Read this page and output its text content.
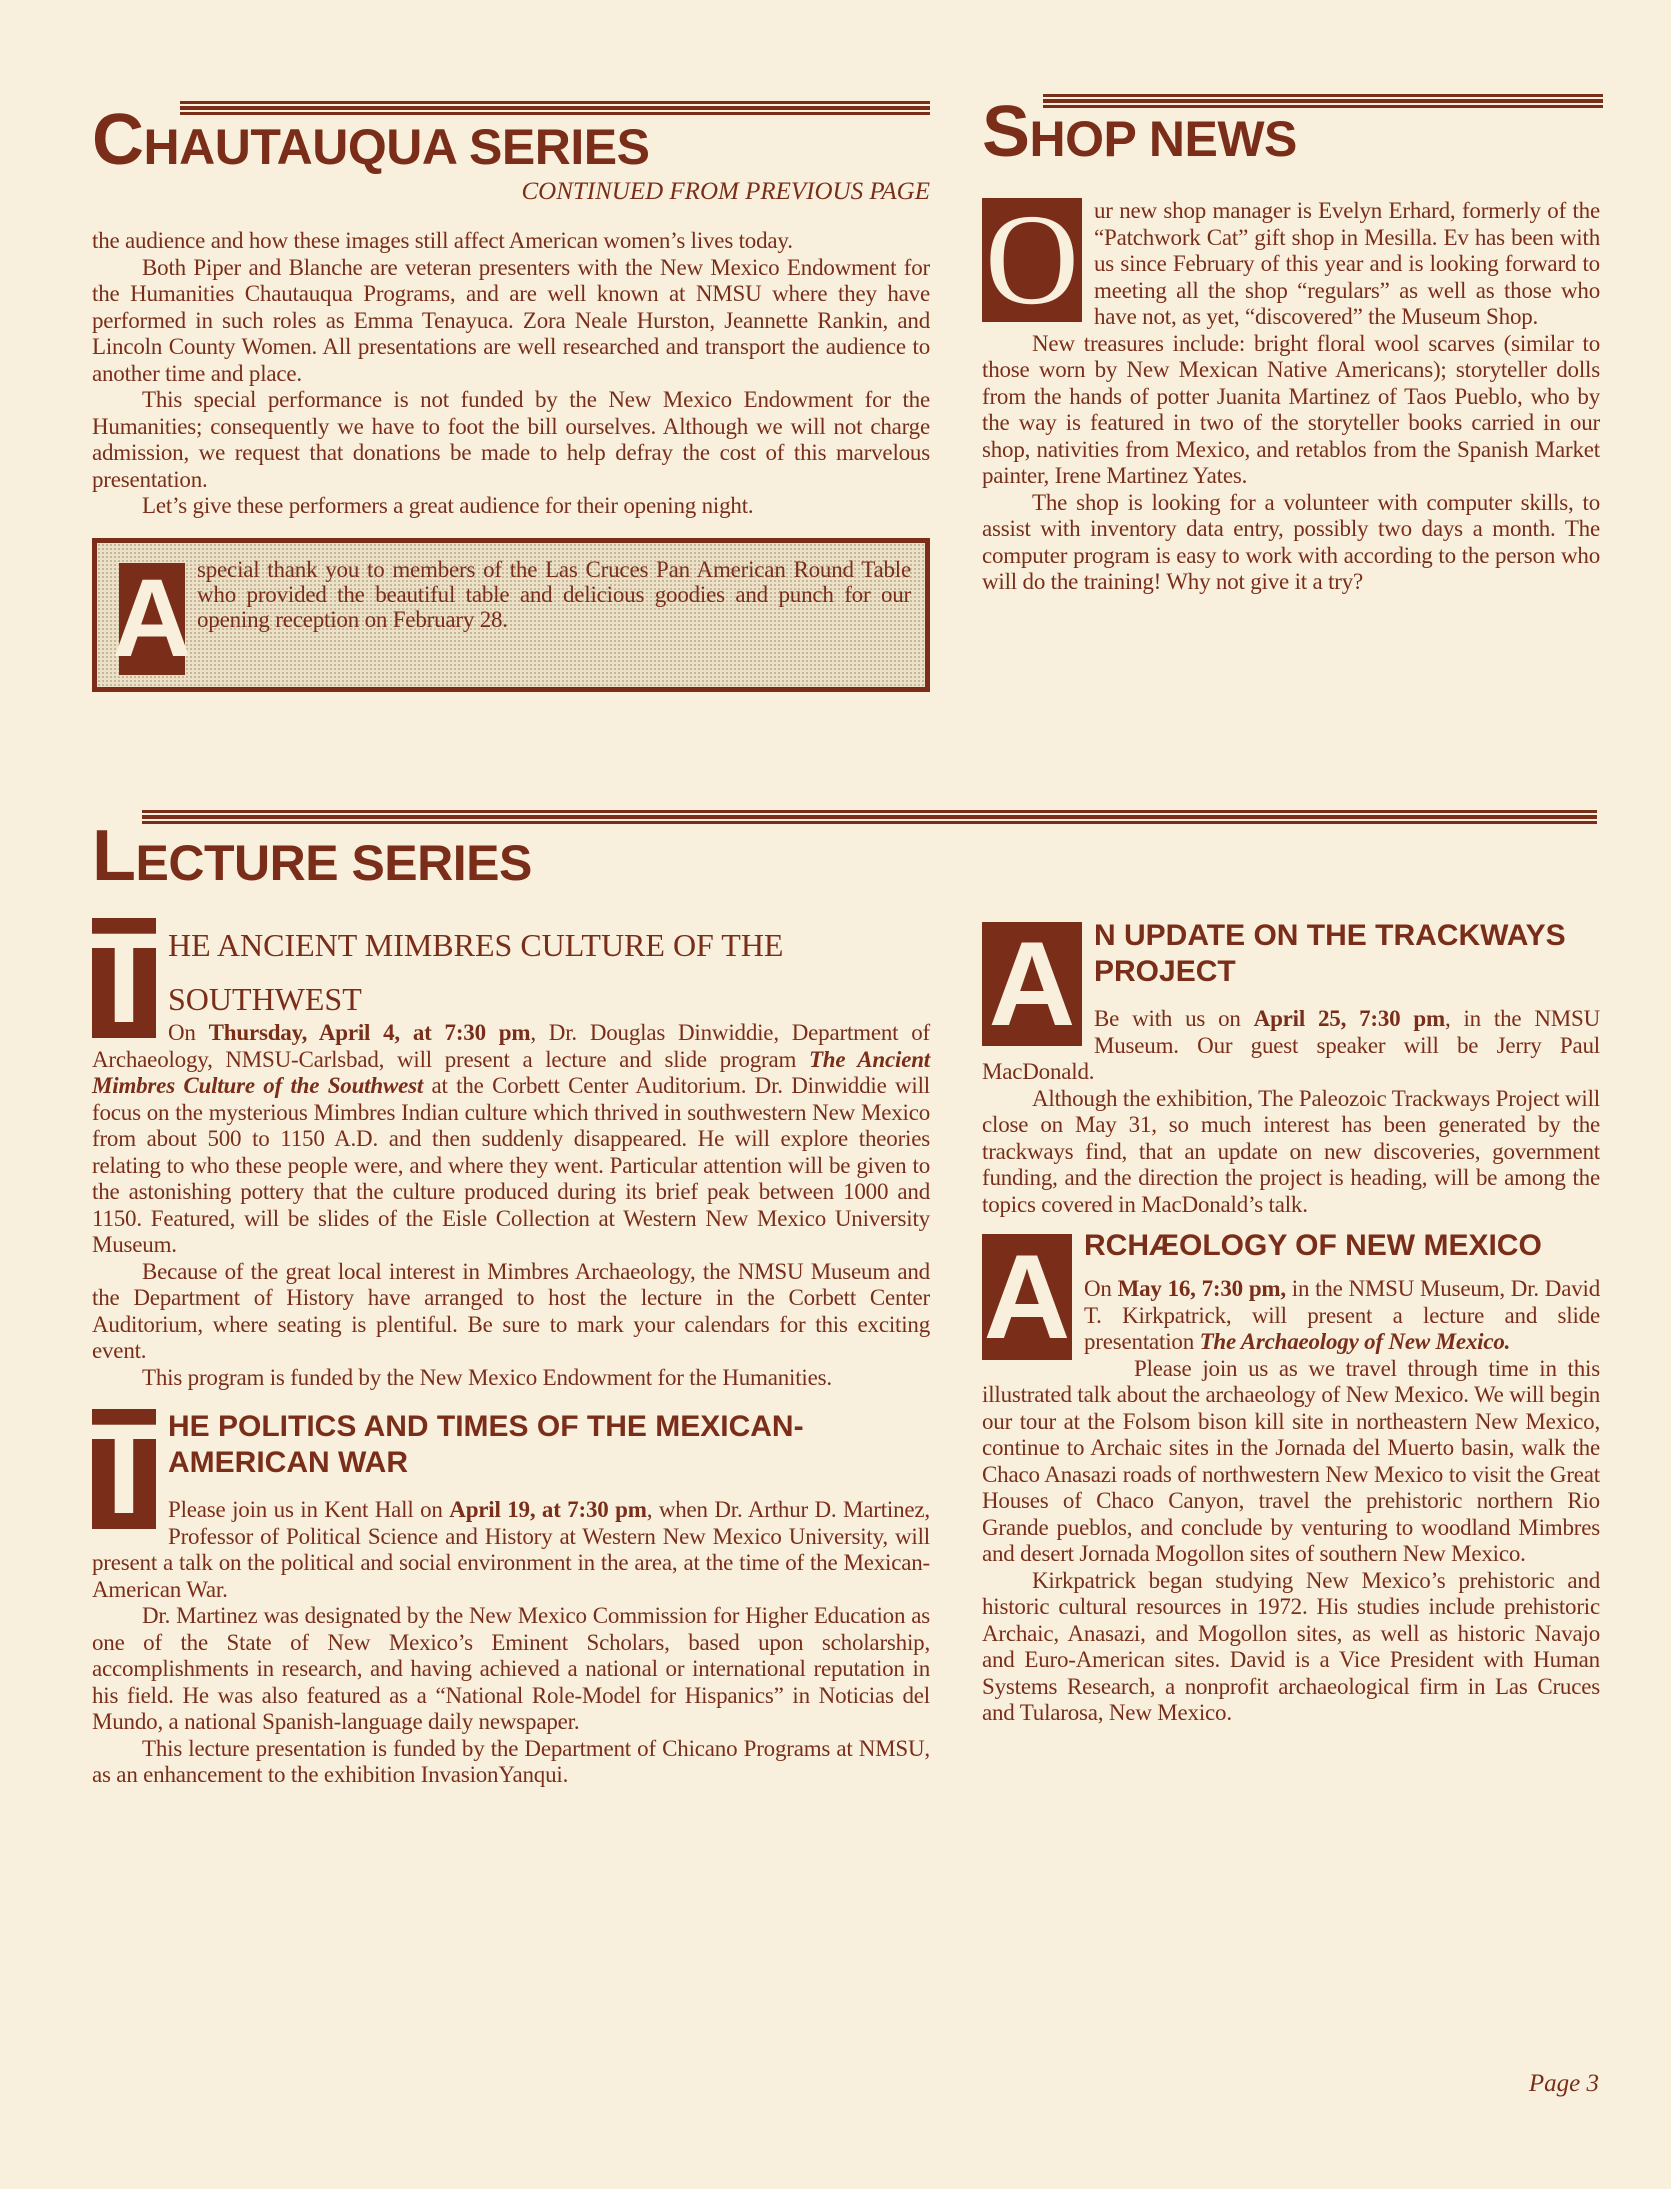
CHAUTAUQUA SERIES
CONTINUED FROM PREVIOUS PAGE

the audience and how these images still affect American women’s lives today.

Both Piper and Blanche are veteran presenters with the New Mexico Endowment for the Humanities Chautauqua Programs, and are well known at NMSU where they have performed in such roles as Emma Tenayuca. Zora Neale Hurston, Jeannette Rankin, and Lincoln County Women. All presentations are well researched and transport the audience to another time and place.

This special performance is not funded by the New Mexico Endowment for the Humanities; consequently we have to foot the bill ourselves. Although we will not charge admission, we request that donations be made to help defray the cost of this marvelous presentation.

Let’s give these performers a great audience for their opening night.

A special thank you to members of the Las Cruces Pan American Round Table who provided the beautiful table and delicious goodies and punch for our opening reception on February 28.

SHOP NEWS
O ur new shop manager is Evelyn Erhard, formerly of the “Patchwork Cat” gift shop in Mesilla. Ev has been with us since February of this year and is looking forward to meeting all the shop “regulars” as well as those who have not, as yet, “discovered” the Museum Shop.

New treasures include: bright floral wool scarves (similar to those worn by New Mexican Native Americans); storyteller dolls from the hands of potter Juanita Martinez of Taos Pueblo, who by the way is featured in two of the storyteller books carried in our shop, nativities from Mexico, and retablos from the Spanish Market painter, Irene Martinez Yates.

The shop is looking for a volunteer with computer skills, to assist with inventory data entry, possibly two days a month. The computer program is easy to work with according to the person who will do the training! Why not give it a try?

LECTURE SERIES
T HE ANCIENT MIMBRES CULTURE OF THE SOUTHWEST

On Thursday, April 4, at 7:30 pm, Dr. Douglas Dinwiddie, Department of Archaeology, NMSU-Carlsbad, will present a lecture and slide program The Ancient Mimbres Culture of the Southwest at the Corbett Center Auditorium. Dr. Dinwiddie will focus on the mysterious Mimbres Indian culture which thrived in southwestern New Mexico from about 500 to 1150 A.D. and then suddenly disappeared. He will explore theories relating to who these people were, and where they went. Particular attention will be given to the astonishing pottery that the culture produced during its brief peak between 1000 and 1150. Featured, will be slides of the Eisle Collection at Western New Mexico University Museum.

Because of the great local interest in Mimbres Archaeology, the NMSU Museum and the Department of History have arranged to host the lecture in the Corbett Center Auditorium, where seating is plentiful. Be sure to mark your calendars for this exciting event.

This program is funded by the New Mexico Endowment for the Humanities.

T HE POLITICS AND TIMES OF THE MEXICAN-AMERICAN WAR

Please join us in Kent Hall on April 19, at 7:30 pm, when Dr. Arthur D. Martinez, Professor of Political Science and History at Western New Mexico University, will present a talk on the political and social environment in the area, at the time of the Mexican-American War.

Dr. Martinez was designated by the New Mexico Commission for Higher Education as one of the State of New Mexico’s Eminent Scholars, based upon scholarship, accomplishments in research, and having achieved a national or international reputation in his field. He was also featured as a “National Role-Model for Hispanics” in Noticias del Mundo, a national Spanish-language daily newspaper.

This lecture presentation is funded by the Department of Chicano Programs at NMSU, as an enhancement to the exhibition InvasionYanqui.

A N UPDATE ON THE TRACKWAYS PROJECT

Be with us on April 25, 7:30 pm, in the NMSU Museum. Our guest speaker will be Jerry Paul MacDonald.

Although the exhibition, The Paleozoic Trackways Project will close on May 31, so much interest has been generated by the trackways find, that an update on new discoveries, government funding, and the direction the project is heading, will be among the topics covered in MacDonald’s talk.

A RCHÆOLOGY OF NEW MEXICO

On May 16, 7:30 pm, in the NMSU Museum, Dr. David T. Kirkpatrick, will present a lecture and slide presentation The Archaeology of New Mexico.

Please join us as we travel through time in this illustrated talk about the archaeology of New Mexico. We will begin our tour at the Folsom bison kill site in northeastern New Mexico, continue to Archaic sites in the Jornada del Muerto basin, walk the Chaco Anasazi roads of northwestern New Mexico to visit the Great Houses of Chaco Canyon, travel the prehistoric northern Rio Grande pueblos, and conclude by venturing to woodland Mimbres and desert Jornada Mogollon sites of southern New Mexico.

Kirkpatrick began studying New Mexico’s prehistoric and historic cultural resources in 1972. His studies include prehistoric Archaic, Anasazi, and Mogollon sites, as well as historic Navajo and Euro-American sites. David is a Vice President with Human Systems Research, a nonprofit archaeological firm in Las Cruces and Tularosa, New Mexico.

Page 3
